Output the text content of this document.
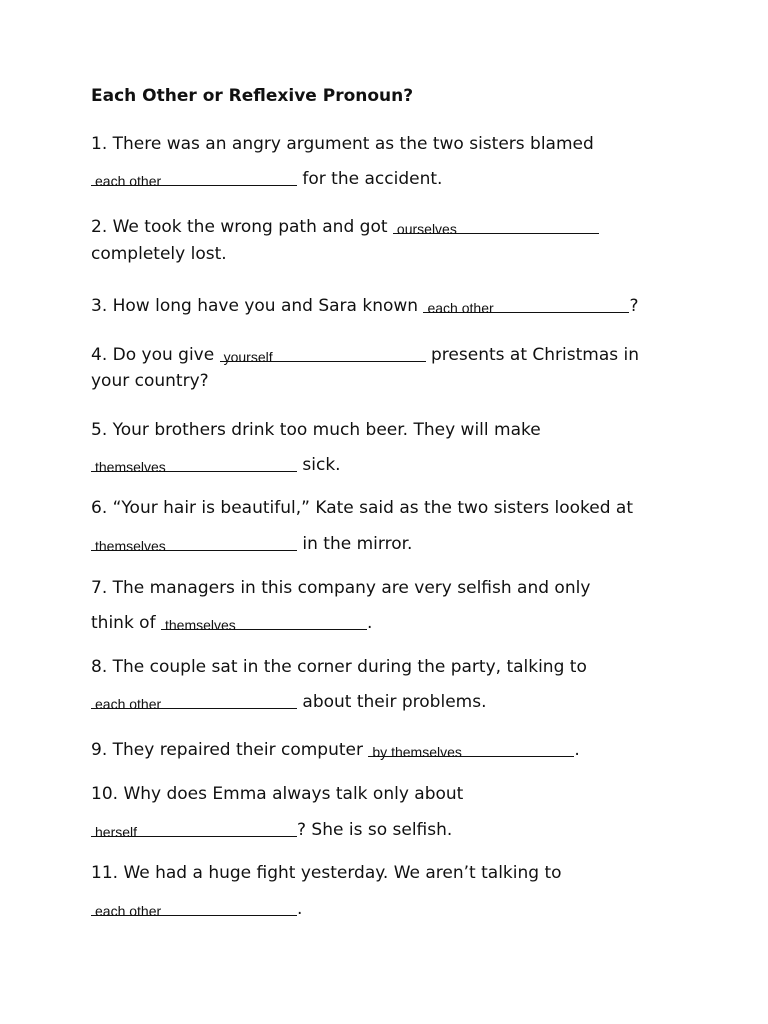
Each Other or Reflexive Pronoun?
1. There was an angry argument as the two sisters blamed
each other	for the accident.
2. We took the wrong path and got ourselves
completely lost.
3. How long have you and Sara known each other	?
4. Do you give yourself	presents at Christmas in
your country?
5. Your brothers drink too much beer. They will make
themselves	sick.
6. “Your hair is beautiful,” Kate said as the two sisters looked at
themselves	in the mirror.
7. The managers in this company are very selfish and only
think of themselves	.
8. The couple sat in the corner during the party, talking to
each other	about their problems.
9. They repaired their computer by themselves	.
10. Why does Emma always talk only about
herself	? She is so selfish.
11. We had a huge fight yesterday. We aren’t talking to
each other	.
